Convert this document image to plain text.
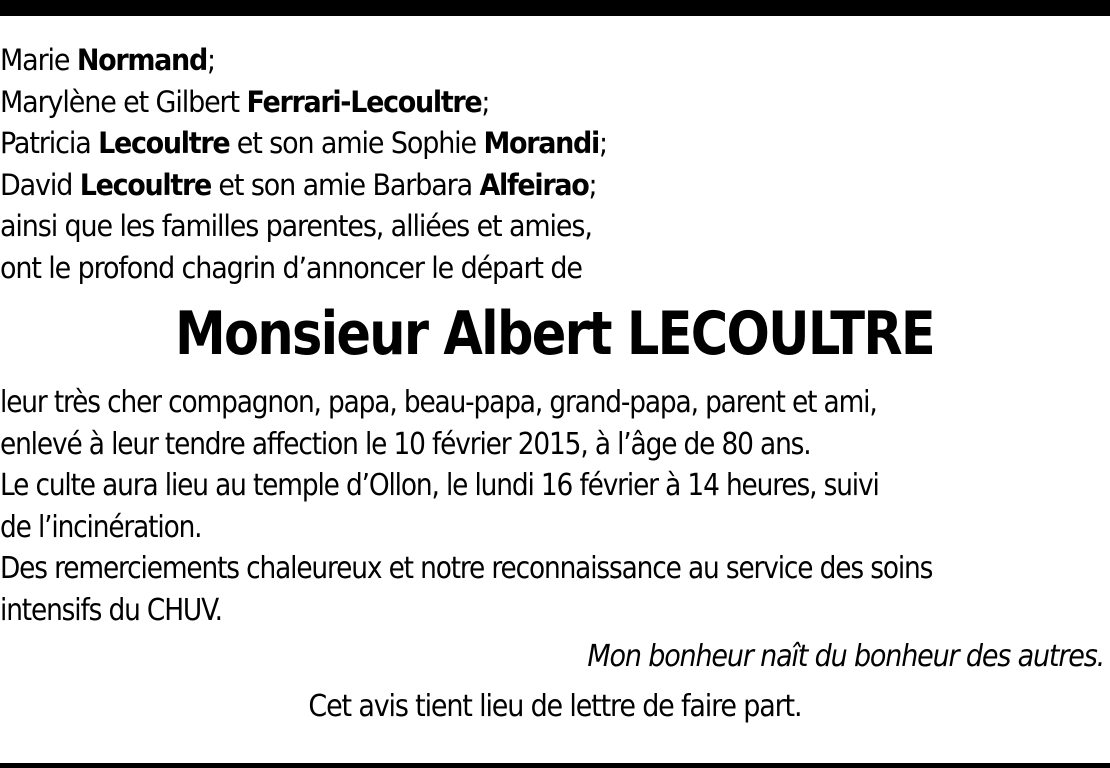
Marie Normand;
Marylène et Gilbert Ferrari-Lecoultre;
Patricia Lecoultre et son amie Sophie Morandi;
David Lecoultre et son amie Barbara Alfeirao;
ainsi que les familles parentes, alliées et amies,
ont le profond chagrin d’annoncer le départ de
Monsieur Albert LECOULTRE
leur très cher compagnon, papa, beau-papa, grand-papa, parent et ami,
enlevé à leur tendre affection le 10 février 2015, à l’âge de 80 ans.
Le culte aura lieu au temple d’Ollon, le lundi 16 février à 14 heures, suivi
de l’incinération.
Des remerciements chaleureux et notre reconnaissance au service des soins
intensifs du CHUV.
Mon bonheur naît du bonheur des autres.
Cet avis tient lieu de lettre de faire part.
